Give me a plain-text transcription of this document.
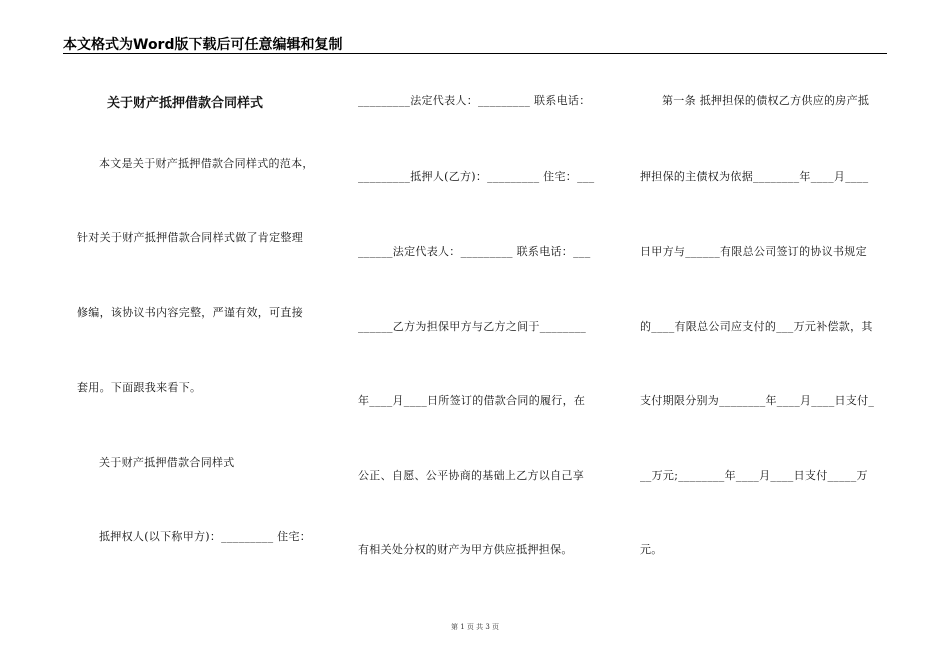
本文格式为Word版下载后可任意编辑和复制
关于财产抵押借款合同样式
本文是关于财产抵押借款合同样式的范本，
针对关于财产抵押借款合同样式做了肯定整理
修编，该协议书内容完整，严谨有效，可直接
套用。下面跟我来看下。
关于财产抵押借款合同样式
抵押权人(以下称甲方)：_________ 住宅：
_________法定代表人：_________ 联系电话：
_________抵押人(乙方)：_________ 住宅：___
______法定代表人：_________ 联系电话：___
______乙方为担保甲方与乙方之间于________
年____月____日所签订的借款合同的履行，在
公正、自愿、公平协商的基础上乙方以自己享
有相关处分权的财产为甲方供应抵押担保。
第一条 抵押担保的债权乙方供应的房产抵
押担保的主债权为依据________年____月____
日甲方与______有限总公司签订的协议书规定
的____有限总公司应支付的___万元补偿款，其
支付期限分别为________年____月____日支付_
__万元;________年____月____日支付_____万
元。
第 1 页 共 3 页
